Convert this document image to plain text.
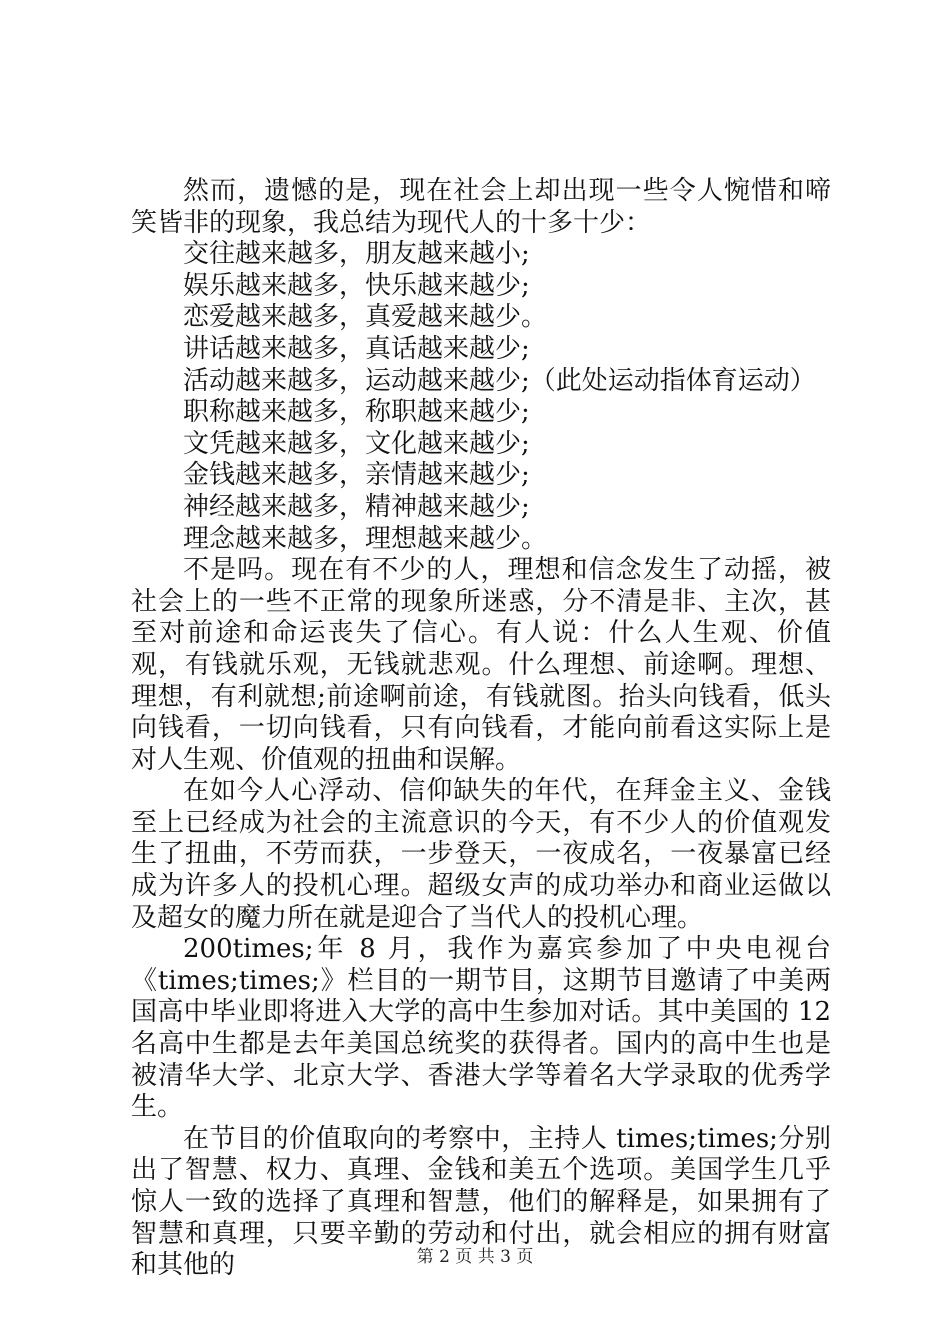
然而，遗憾的是，现在社会上却出现一些令人惋惜和啼笑皆非的现象，我总结为现代人的十多十少：

交往越来越多，朋友越来越小;

娱乐越来越多，快乐越来越少;

恋爱越来越多，真爱越来越少。

讲话越来越多，真话越来越少;

活动越来越多，运动越来越少;（此处运动指体育运动）

职称越来越多，称职越来越少;

文凭越来越多，文化越来越少;

金钱越来越多，亲情越来越少;

神经越来越多，精神越来越少;

理念越来越多，理想越来越少。

不是吗。现在有不少的人，理想和信念发生了动摇，被社会上的一些不正常的现象所迷惑，分不清是非、主次，甚至对前途和命运丧失了信心。有人说：什么人生观、价值观，有钱就乐观，无钱就悲观。什么理想、前途啊。理想、理想，有利就想;前途啊前途，有钱就图。抬头向钱看，低头向钱看，一切向钱看，只有向钱看，才能向前看这实际上是对人生观、价值观的扭曲和误解。

在如今人心浮动、信仰缺失的年代，在拜金主义、金钱至上已经成为社会的主流意识的今天，有不少人的价值观发生了扭曲，不劳而获，一步登天，一夜成名，一夜暴富已经成为许多人的投机心理。超级女声的成功举办和商业运做以及超女的魔力所在就是迎合了当代人的投机心理。

200times;年 8 月，我作为嘉宾参加了中央电视台《times;times;》栏目的一期节目，这期节目邀请了中美两国高中毕业即将进入大学的高中生参加对话。其中美国的 12 名高中生都是去年美国总统奖的获得者。国内的高中生也是被清华大学、北京大学、香港大学等着名大学录取的优秀学生。

在节目的价值取向的考察中，主持人 times;times;分别出了智慧、权力、真理、金钱和美五个选项。美国学生几乎惊人一致的选择了真理和智慧，他们的解释是，如果拥有了智慧和真理，只要辛勤的劳动和付出，就会相应的拥有财富和其他的	第 2 页 共 3 页
